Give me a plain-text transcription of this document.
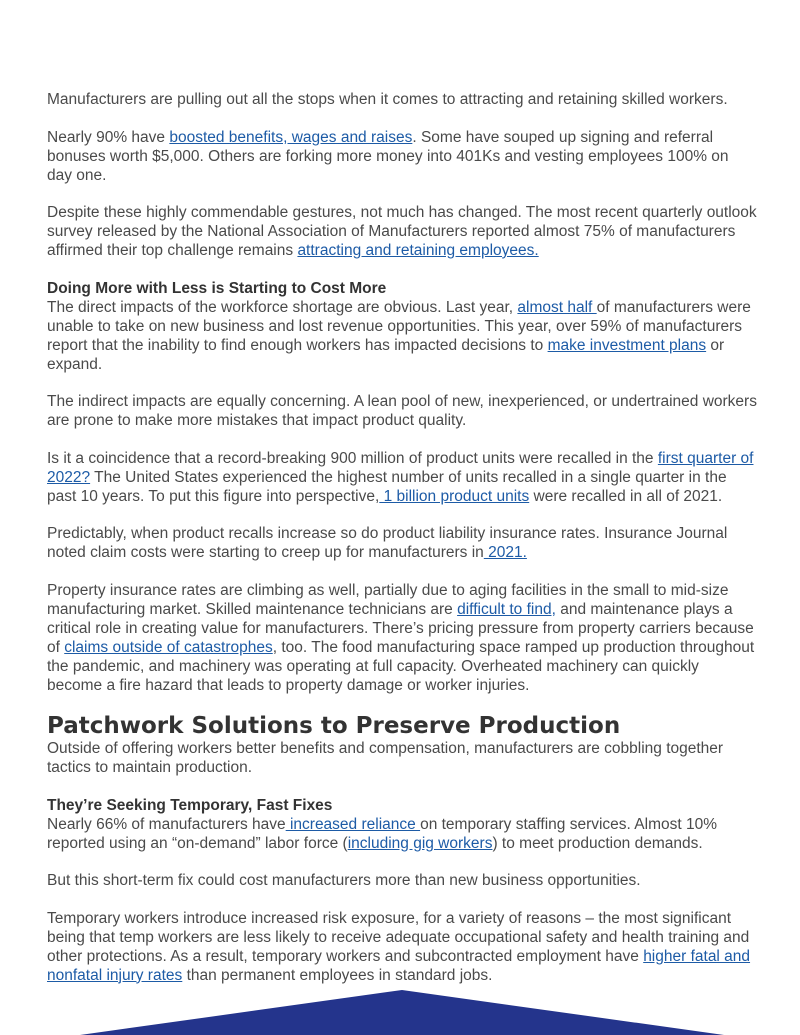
Manufacturers are pulling out all the stops when it comes to attracting and retaining skilled workers.

Nearly 90% have boosted benefits, wages and raises. Some have souped up signing and referral bonuses worth $5,000. Others are forking more money into 401Ks and vesting employees 100% on day one.

Despite these highly commendable gestures, not much has changed. The most recent quarterly outlook survey released by the National Association of Manufacturers reported almost 75% of manufacturers affirmed their top challenge remains attracting and retaining employees.

Doing More with Less is Starting to Cost More
The direct impacts of the workforce shortage are obvious. Last year, almost half of manufacturers were unable to take on new business and lost revenue opportunities. This year, over 59% of manufacturers report that the inability to find enough workers has impacted decisions to make investment plans or expand.

The indirect impacts are equally concerning. A lean pool of new, inexperienced, or undertrained workers are prone to make more mistakes that impact product quality.

Is it a coincidence that a record-breaking 900 million of product units were recalled in the first quarter of 2022? The United States experienced the highest number of units recalled in a single quarter in the past 10 years. To put this figure into perspective, 1 billion product units were recalled in all of 2021.

Predictably, when product recalls increase so do product liability insurance rates. Insurance Journal noted claim costs were starting to creep up for manufacturers in 2021.

Property insurance rates are climbing as well, partially due to aging facilities in the small to mid-size manufacturing market. Skilled maintenance technicians are difficult to find, and maintenance plays a critical role in creating value for manufacturers. There’s pricing pressure from property carriers because of claims outside of catastrophes, too. The food manufacturing space ramped up production throughout the pandemic, and machinery was operating at full capacity. Overheated machinery can quickly become a fire hazard that leads to property damage or worker injuries.

Patchwork Solutions to Preserve Production
Outside of offering workers better benefits and compensation, manufacturers are cobbling together tactics to maintain production.

They’re Seeking Temporary, Fast Fixes
Nearly 66% of manufacturers have increased reliance on temporary staffing services. Almost 10% reported using an “on-demand” labor force (including gig workers) to meet production demands.

But this short-term fix could cost manufacturers more than new business opportunities.

Temporary workers introduce increased risk exposure, for a variety of reasons – the most significant being that temp workers are less likely to receive adequate occupational safety and health training and other protections. As a result, temporary workers and subcontracted employment have higher fatal and nonfatal injury rates than permanent employees in standard jobs.
